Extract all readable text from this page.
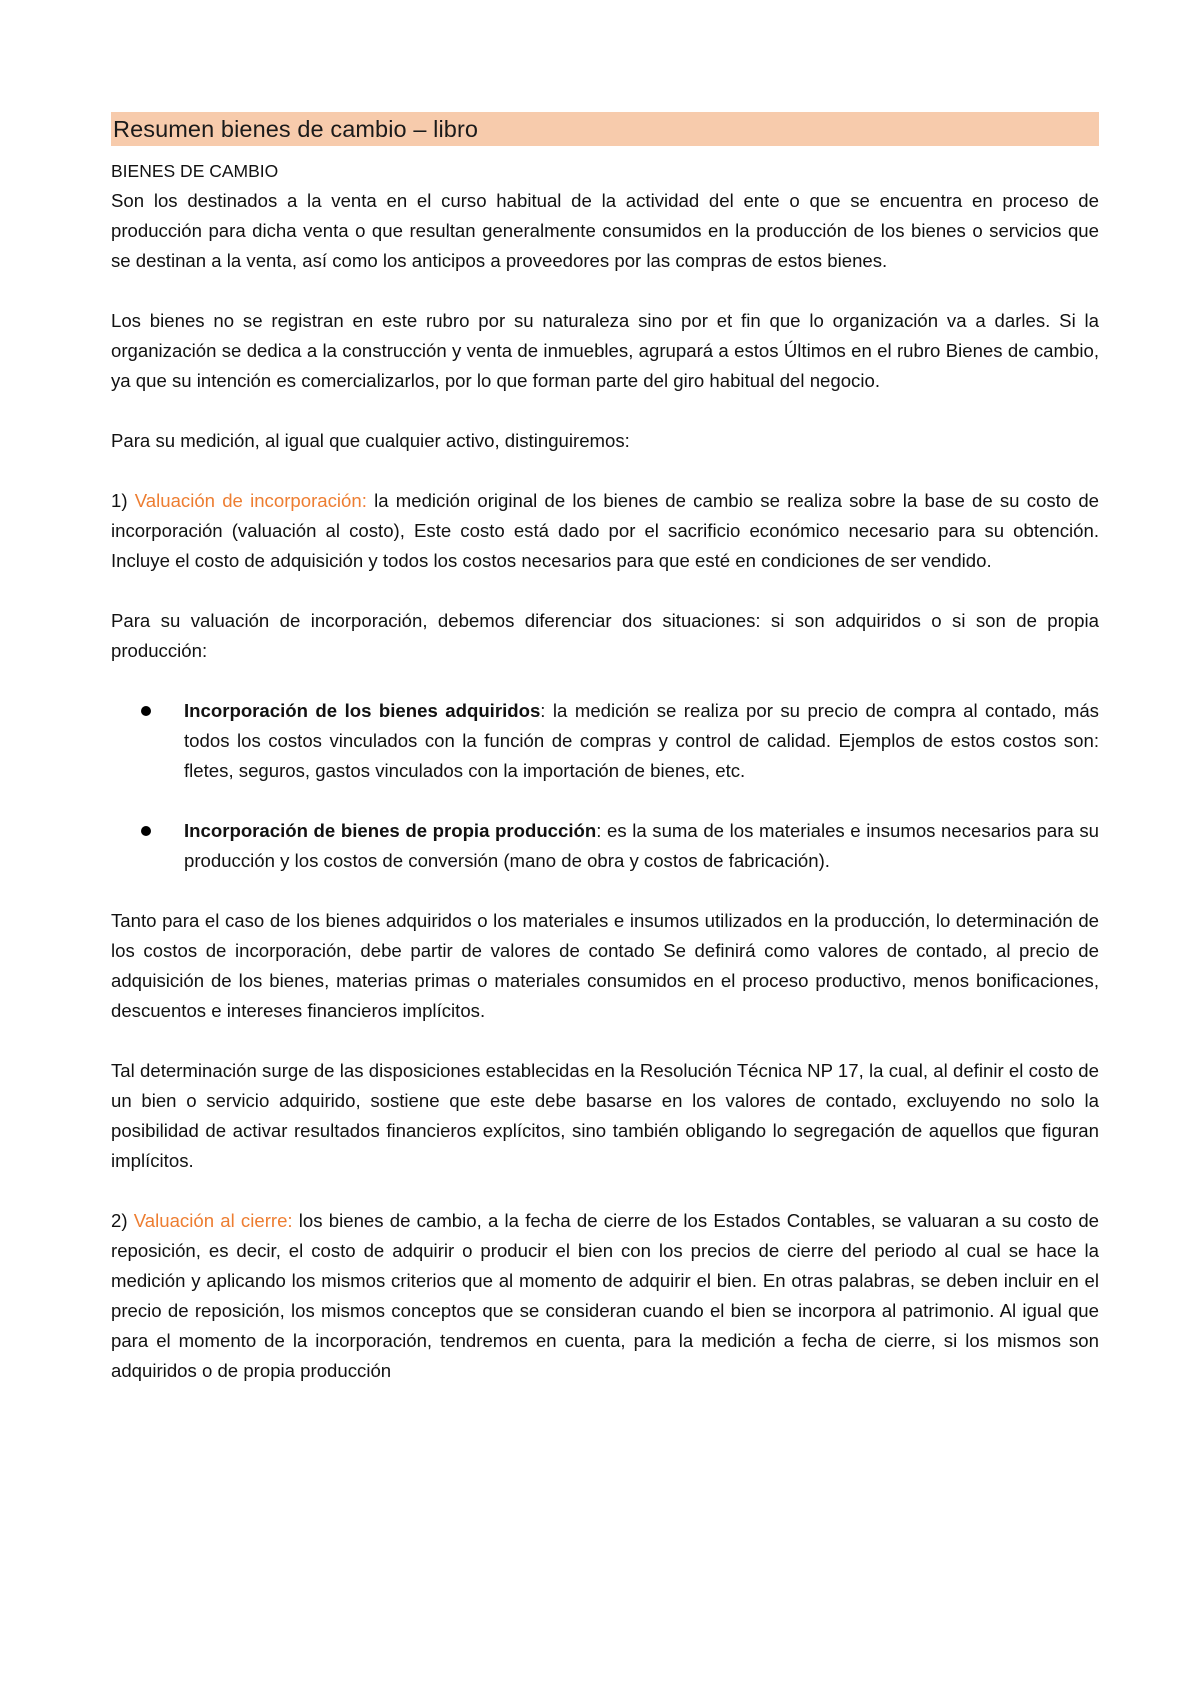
Resumen bienes de cambio – libro
BIENES DE CAMBIO

Son los destinados a la venta en el curso habitual de la actividad del ente o que se encuentra en proceso de producción para dicha venta o que resultan generalmente consumidos en la producción de los bienes o servicios que se destinan a la venta, así como los anticipos a proveedores por las compras de estos bienes.

Los bienes no se registran en este rubro por su naturaleza sino por et fin que lo organización va a darles. Si la organización se dedica a la construcción y venta de inmuebles, agrupará a estos Últimos en el rubro Bienes de cambio, ya que su intención es comercializarlos, por lo que forman parte del giro habitual del negocio.

Para su medición, al igual que cualquier activo, distinguiremos:

1) Valuación de incorporación: la medición original de los bienes de cambio se realiza sobre la base de su costo de incorporación (valuación al costo), Este costo está dado por el sacrificio económico necesario para su obtención. Incluye el costo de adquisición y todos los costos necesarios para que esté en condiciones de ser vendido.

Para su valuación de incorporación, debemos diferenciar dos situaciones: si son adquiridos o si son de propia producción:

Incorporación de los bienes adquiridos: la medición se realiza por su precio de compra al contado, más todos los costos vinculados con la función de compras y control de calidad. Ejemplos de estos costos son: fletes, seguros, gastos vinculados con la importación de bienes, etc.
Incorporación de bienes de propia producción: es la suma de los materiales e insumos necesarios para su producción y los costos de conversión (mano de obra y costos de fabricación).

Tanto para el caso de los bienes adquiridos o los materiales e insumos utilizados en la producción, lo determinación de los costos de incorporación, debe partir de valores de contado Se definirá como valores de contado, al precio de adquisición de los bienes, materias primas o materiales consumidos en el proceso productivo, menos bonificaciones, descuentos e intereses financieros implícitos.

Tal determinación surge de las disposiciones establecidas en la Resolución Técnica NP 17, la cual, al definir el costo de un bien o servicio adquirido, sostiene que este debe basarse en los valores de contado, excluyendo no solo la posibilidad de activar resultados financieros explícitos, sino también obligando lo segregación de aquellos que figuran implícitos.

2) Valuación al cierre: los bienes de cambio, a la fecha de cierre de los Estados Contables, se valuaran a su costo de reposición, es decir, el costo de adquirir o producir el bien con los precios de cierre del periodo al cual se hace la medición y aplicando los mismos criterios que al momento de adquirir el bien. En otras palabras, se deben incluir en el precio de reposición, los mismos conceptos que se consideran cuando el bien se incorpora al patrimonio. Al igual que para el momento de la incorporación, tendremos en cuenta, para la medición a fecha de cierre, si los mismos son adquiridos o de propia producción
